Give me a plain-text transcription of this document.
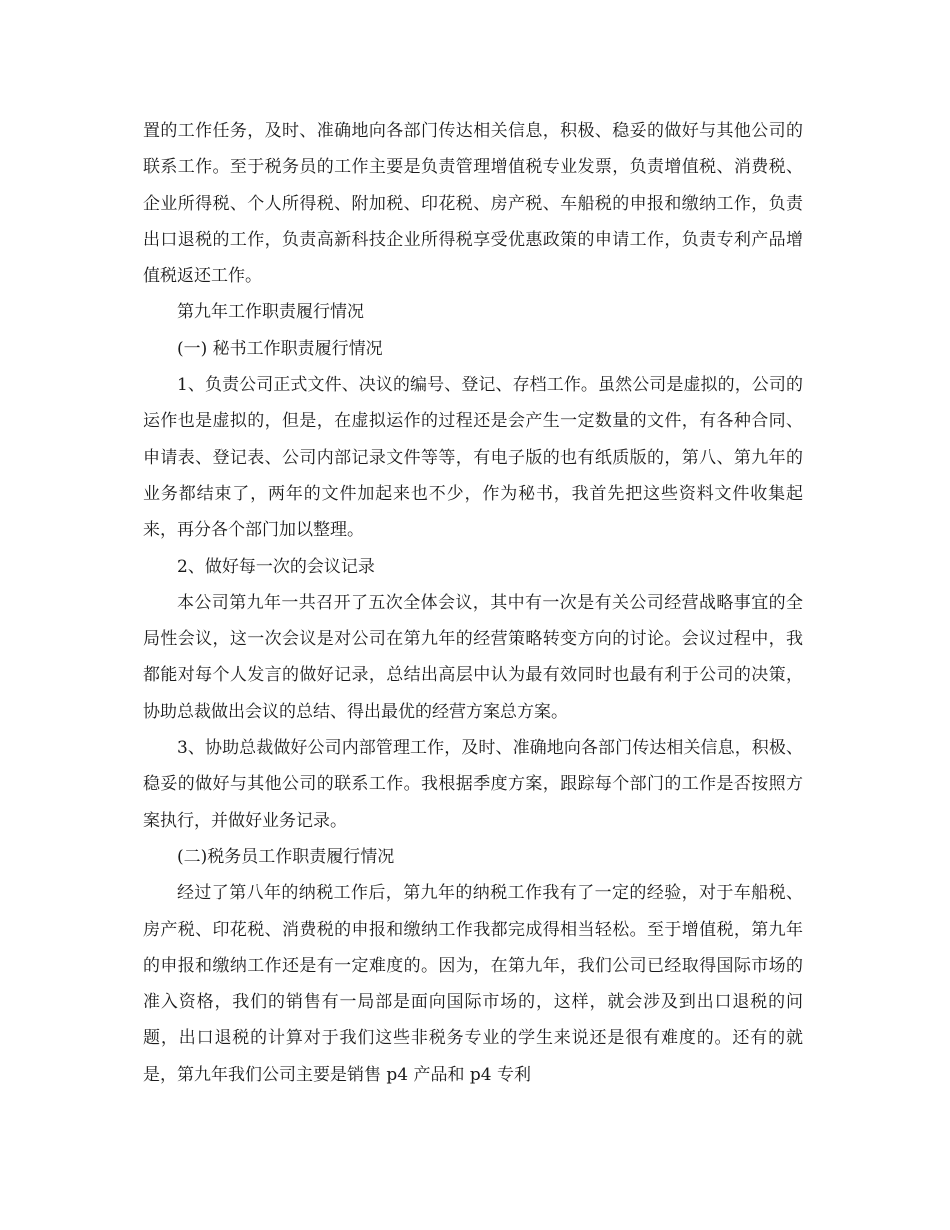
置的工作任务，及时、准确地向各部门传达相关信息，积极、稳妥的做好与其他公司的联系工作。至于税务员的工作主要是负责管理增值税专业发票，负责增值税、消费税、企业所得税、个人所得税、附加税、印花税、房产税、车船税的申报和缴纳工作，负责出口退税的工作，负责高新科技企业所得税享受优惠政策的申请工作，负责专利产品增值税返还工作。

第九年工作职责履行情况

(一) 秘书工作职责履行情况

1、负责公司正式文件、决议的编号、登记、存档工作。虽然公司是虚拟的，公司的运作也是虚拟的，但是，在虚拟运作的过程还是会产生一定数量的文件，有各种合同、申请表、登记表、公司内部记录文件等等，有电子版的也有纸质版的，第八、第九年的业务都结束了，两年的文件加起来也不少，作为秘书，我首先把这些资料文件收集起来，再分各个部门加以整理。

2、做好每一次的会议记录

本公司第九年一共召开了五次全体会议，其中有一次是有关公司经营战略事宜的全局性会议，这一次会议是对公司在第九年的经营策略转变方向的讨论。会议过程中，我都能对每个人发言的做好记录，总结出高层中认为最有效同时也最有利于公司的决策，协助总裁做出会议的总结、得出最优的经营方案总方案。

3、协助总裁做好公司内部管理工作，及时、准确地向各部门传达相关信息，积极、稳妥的做好与其他公司的联系工作。我根据季度方案，跟踪每个部门的工作是否按照方案执行，并做好业务记录。

(二)税务员工作职责履行情况

经过了第八年的纳税工作后，第九年的纳税工作我有了一定的经验，对于车船税、房产税、印花税、消费税的申报和缴纳工作我都完成得相当轻松。至于增值税，第九年的申报和缴纳工作还是有一定难度的。因为，在第九年，我们公司已经取得国际市场的准入资格，我们的销售有一局部是面向国际市场的，这样，就会涉及到出口退税的问题，出口退税的计算对于我们这些非税务专业的学生来说还是很有难度的。还有的就是，第九年我们公司主要是销售 p4 产品和 p4 专利
